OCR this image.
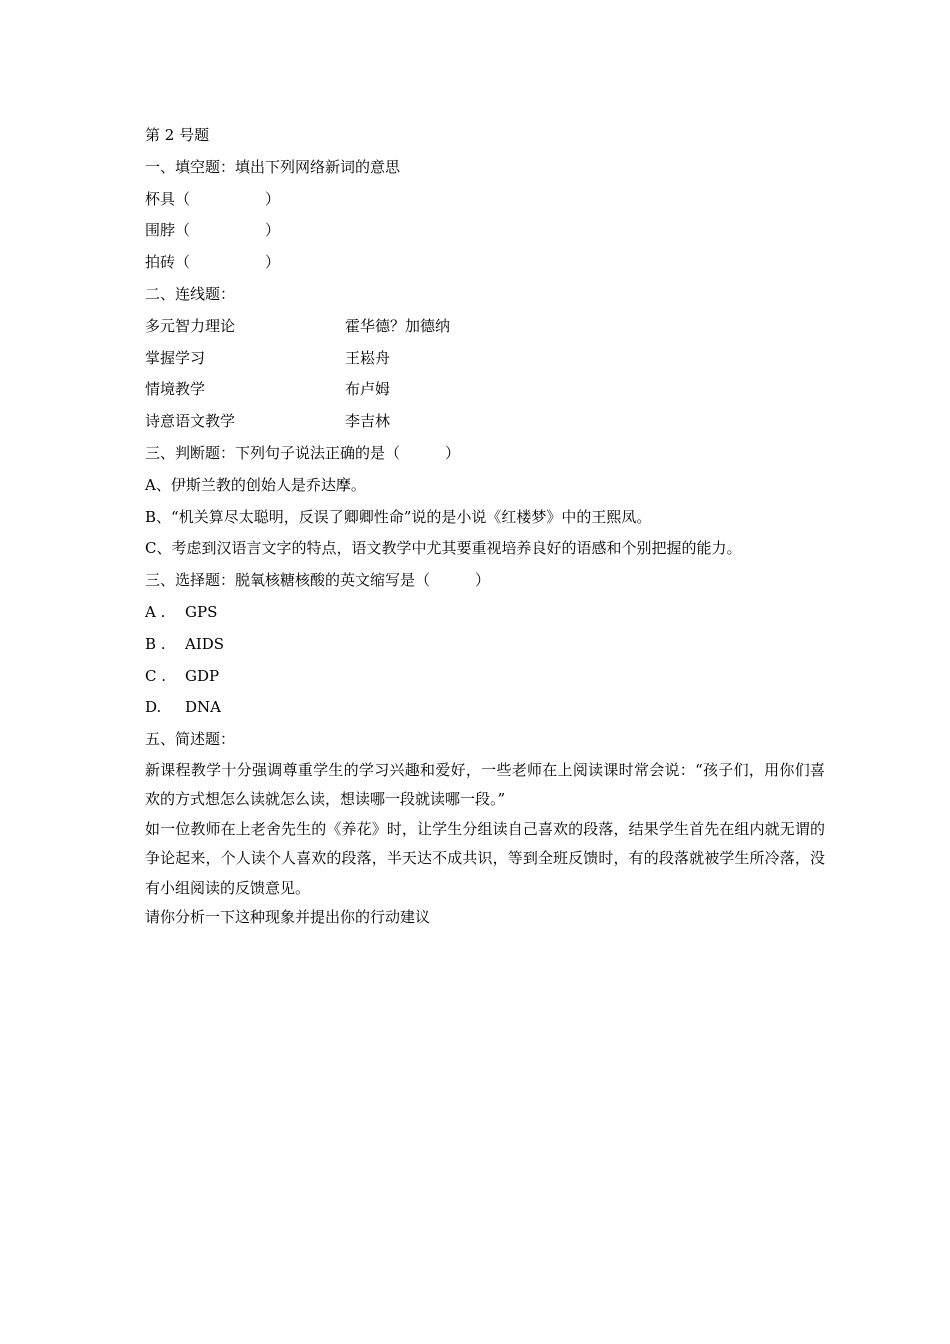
第 2 号题
一、填空题：填出下列网络新词的意思
杯具（　　　　　）
围脖（　　　　　）
拍砖（　　　　　）
二、连线题：
多元智力理论	霍华德？加德纳
掌握学习	王崧舟
情境教学	布卢姆
诗意语文教学	李吉林
三、判断题：下列句子说法正确的是（　　　）
A、伊斯兰教的创始人是乔达摩。
B、“机关算尽太聪明，反误了卿卿性命”说的是小说《红楼梦》中的王熙凤。
C、考虑到汉语言文字的特点，语文教学中尤其要重视培养良好的语感和个别把握的能力。
三、选择题：脱氧核糖核酸的英文缩写是（　　　）
A . GPS
B . AIDS
C . GDP
D. DNA
五、简述题：
新课程教学十分强调尊重学生的学习兴趣和爱好，一些老师在上阅读课时常会说：“孩子们，用你们喜欢的方式想怎么读就怎么读，想读哪一段就读哪一段。”
如一位教师在上老舍先生的《养花》时，让学生分组读自己喜欢的段落，结果学生首先在组内就无谓的争论起来，个人读个人喜欢的段落，半天达不成共识，等到全班反馈时，有的段落就被学生所冷落，没有小组阅读的反馈意见。
请你分析一下这种现象并提出你的行动建议
